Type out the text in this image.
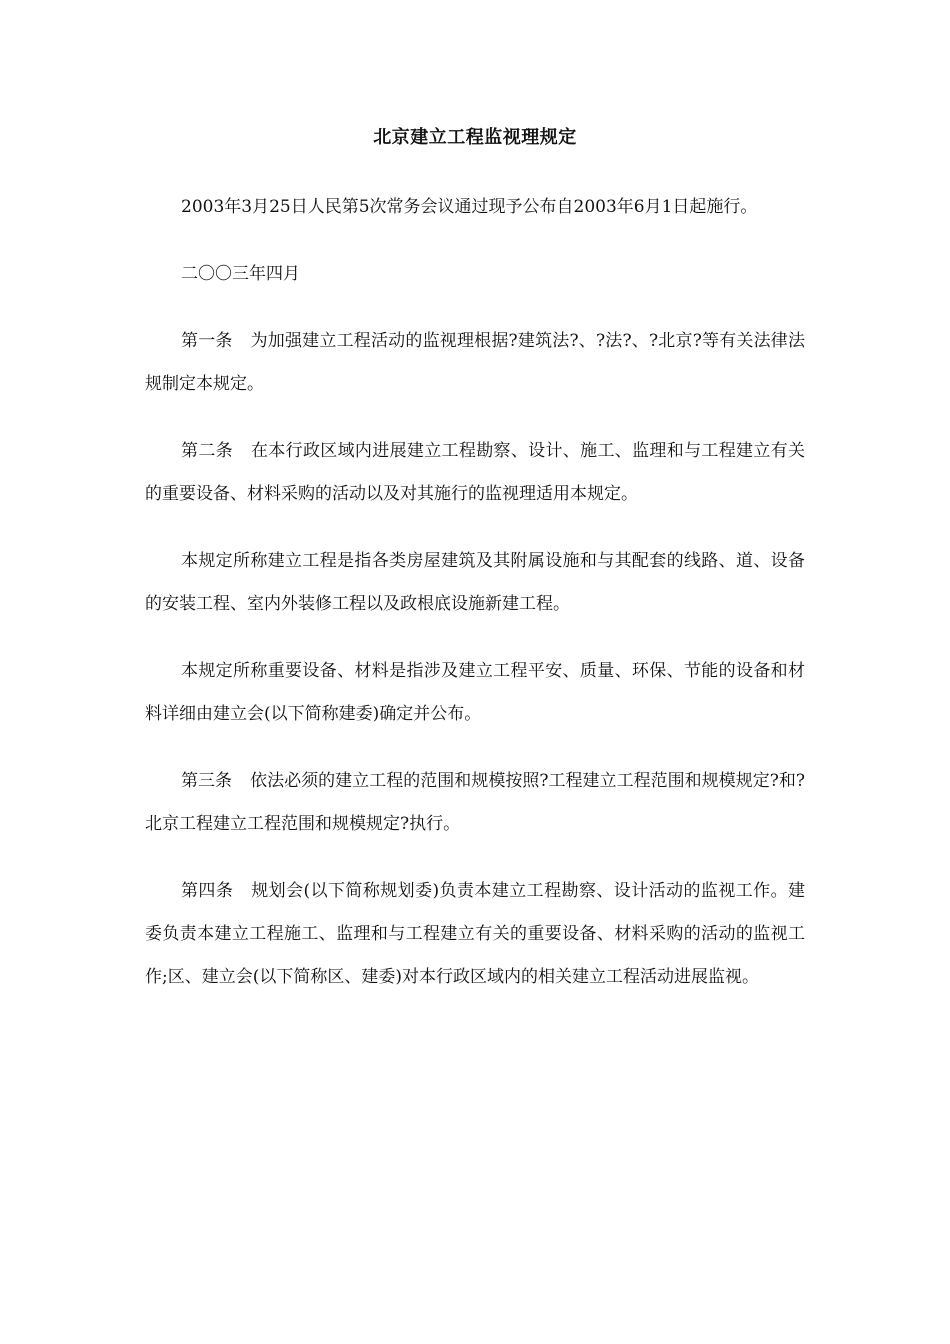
北京建立工程监视理规定

2003年3月25日人民第5次常务会议通过现予公布自2003年6月1日起施行。

二〇〇三年四月

第一条 为加强建立工程活动的监视理根据?建筑法?、?法?、?北京?等有关法律法规制定本规定。

第二条 在本行政区域内进展建立工程勘察、设计、施工、监理和与工程建立有关的重要设备、材料采购的活动以及对其施行的监视理适用本规定。

本规定所称建立工程是指各类房屋建筑及其附属设施和与其配套的线路、道、设备的安装工程、室内外装修工程以及政根底设施新建工程。

本规定所称重要设备、材料是指涉及建立工程平安、质量、环保、节能的设备和材料详细由建立会(以下简称建委)确定并公布。

第三条 依法必须的建立工程的范围和规模按照?工程建立工程范围和规模规定?和?北京工程建立工程范围和规模规定?执行。

第四条 规划会(以下简称规划委)负责本建立工程勘察、设计活动的监视工作。建委负责本建立工程施工、监理和与工程建立有关的重要设备、材料采购的活动的监视工作;区、建立会(以下简称区、建委)对本行政区域内的相关建立工程活动进展监视。
